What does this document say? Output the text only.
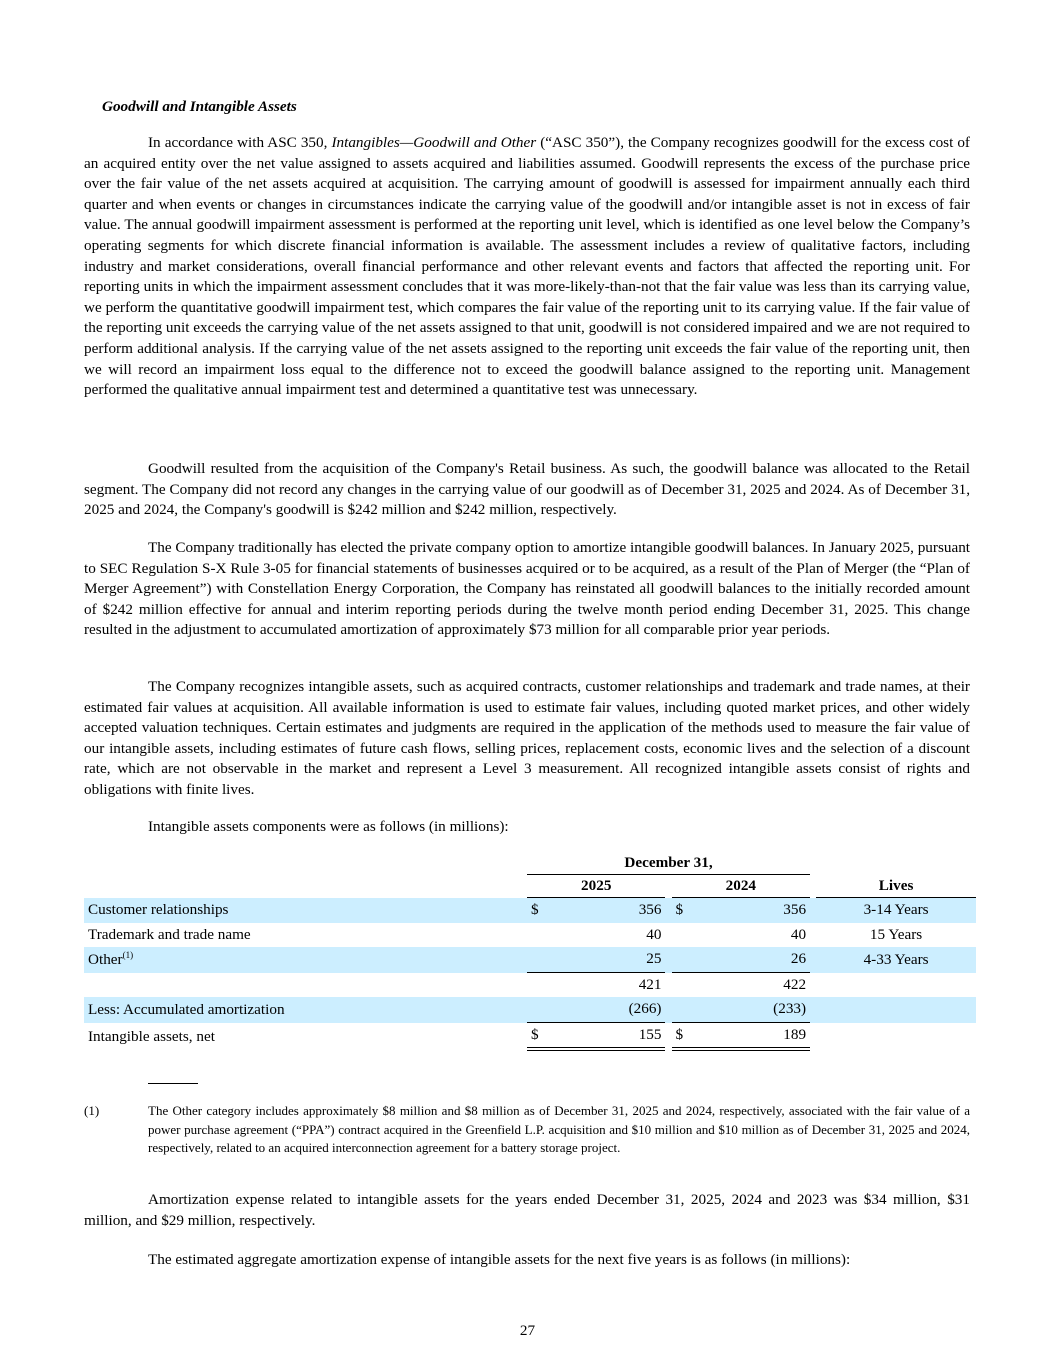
Goodwill and Intangible Assets

In accordance with ASC 350, Intangibles—Goodwill and Other (“ASC 350”), the Company recognizes goodwill for the excess cost of an acquired entity over the net value assigned to assets acquired and liabilities assumed. Goodwill represents the excess of the purchase price over the fair value of the net assets acquired at acquisition. The carrying amount of goodwill is assessed for impairment annually each third quarter and when events or changes in circumstances indicate the carrying value of the goodwill and/or intangible asset is not in excess of fair value. The annual goodwill impairment assessment is performed at the reporting unit level, which is identified as one level below the Company’s operating segments for which discrete financial information is available. The assessment includes a review of qualitative factors, including industry and market considerations, overall financial performance and other relevant events and factors that affected the reporting unit. For reporting units in which the impairment assessment concludes that it was more-likely-than-not that the fair value was less than its carrying value, we perform the quantitative goodwill impairment test, which compares the fair value of the reporting unit to its carrying value. If the fair value of the reporting unit exceeds the carrying value of the net assets assigned to that unit, goodwill is not considered impaired and we are not required to perform additional analysis. If the carrying value of the net assets assigned to the reporting unit exceeds the fair value of the reporting unit, then we will record an impairment loss equal to the difference not to exceed the goodwill balance assigned to the reporting unit. Management performed the qualitative annual impairment test and determined a quantitative test was unnecessary.

Goodwill resulted from the acquisition of the Company's Retail business. As such, the goodwill balance was allocated to the Retail segment. The Company did not record any changes in the carrying value of our goodwill as of December 31, 2025 and 2024. As of December 31, 2025 and 2024, the Company's goodwill is $242 million and $242 million, respectively.

The Company traditionally has elected the private company option to amortize intangible goodwill balances. In January 2025, pursuant to SEC Regulation S-X Rule 3-05 for financial statements of businesses acquired or to be acquired, as a result of the Plan of Merger (the “Plan of Merger Agreement”) with Constellation Energy Corporation, the Company has reinstated all goodwill balances to the initially recorded amount of $242 million effective for annual and interim reporting periods during the twelve month period ending December 31, 2025. This change resulted in the adjustment to accumulated amortization of approximately $73 million for all comparable prior year periods.

The Company recognizes intangible assets, such as acquired contracts, customer relationships and trademark and trade names, at their estimated fair values at acquisition. All available information is used to estimate fair values, including quoted market prices, and other widely accepted valuation techniques. Certain estimates and judgments are required in the application of the methods used to measure the fair value of our intangible assets, including estimates of future cash flows, selling prices, replacement costs, economic lives and the selection of a discount rate, which are not observable in the market and represent a Level 3 measurement. All recognized intangible assets consist of rights and obligations with finite lives.

Intangible assets components were as follows (in millions):

	December 31,						
	2025			2024			Lives
Customer relationships	$	356		$	356		3-14 Years
Trademark and trade name		40			40		15 Years
Other$^{(1)}$		25			26		4-33 Years
		421			422		
Less: Accumulated amortization		(266)			(233)		
Intangible assets, net	$	155		$	189		
(1)	The Other category includes approximately $8 million and $8 million as of December 31, 2025 and 2024, respectively, associated with the fair value of a power purchase agreement (“PPA”) contract acquired in the Greenfield L.P. acquisition and $10 million and $10 million as of December 31, 2025 and 2024, respectively, related to an acquired interconnection agreement for a battery storage project.

Amortization expense related to intangible assets for the years ended December 31, 2025, 2024 and 2023 was $34 million, $31 million, and $29 million, respectively.

The estimated aggregate amortization expense of intangible assets for the next five years is as follows (in millions):

27
